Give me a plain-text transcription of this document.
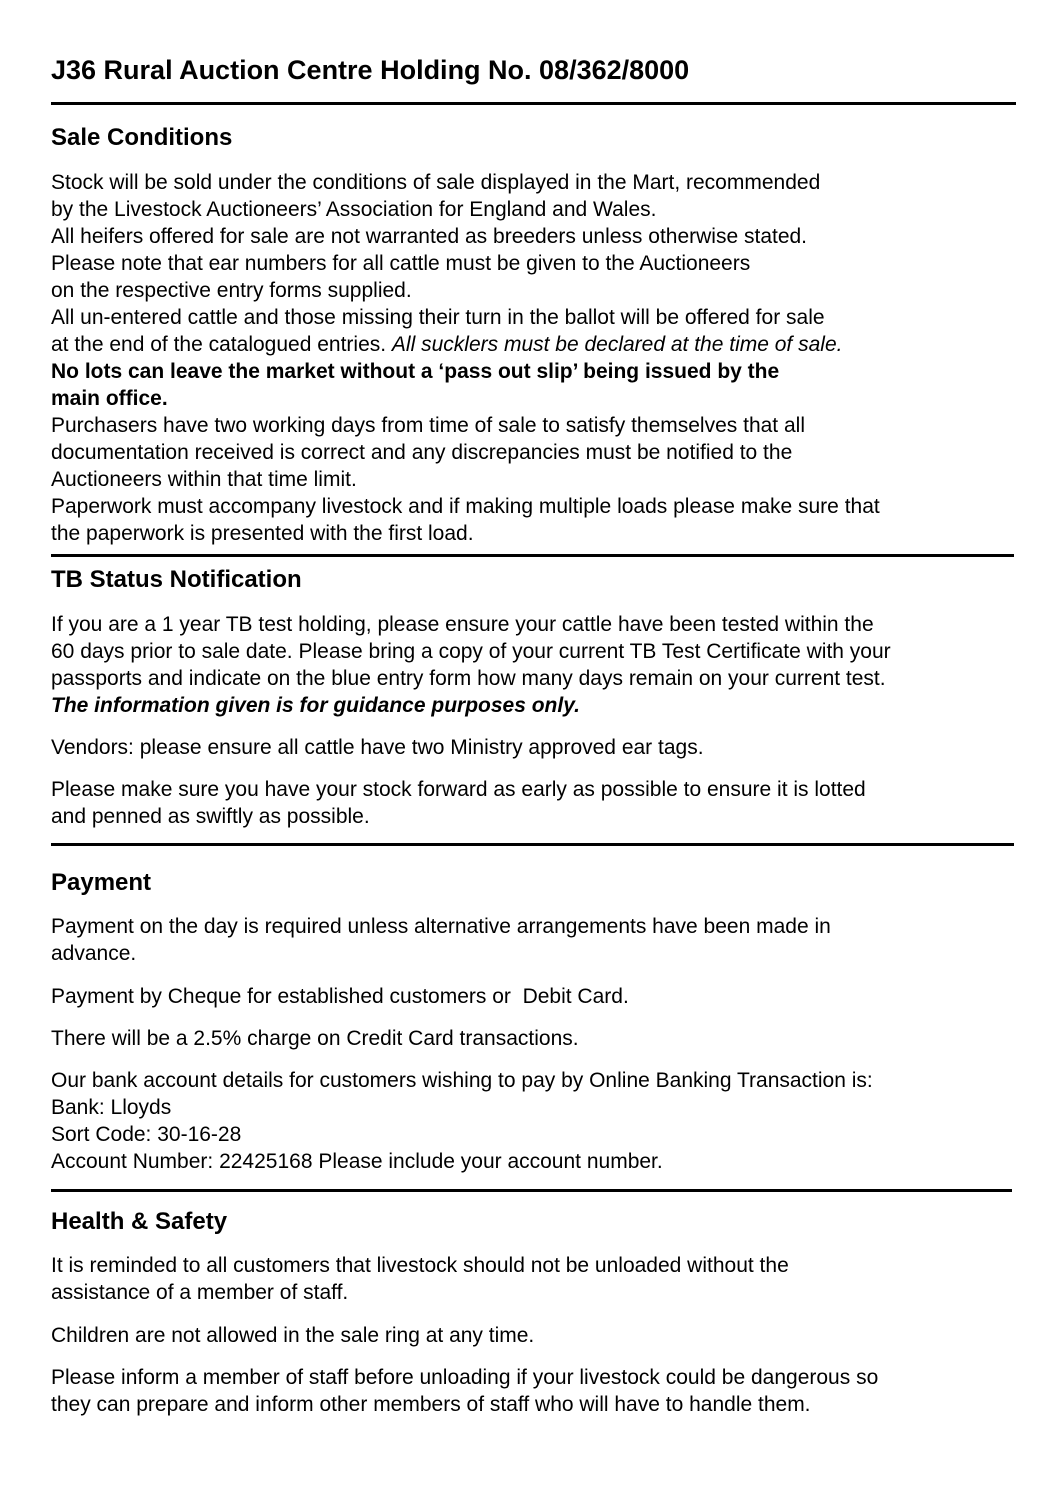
J36 Rural Auction Centre Holding No. 08/362/8000
Sale Conditions
Stock will be sold under the conditions of sale displayed in the Mart, recommended
by the Livestock Auctioneers’ Association for England and Wales.
All heifers offered for sale are not warranted as breeders unless otherwise stated.
Please note that ear numbers for all cattle must be given to the Auctioneers
on the respective entry forms supplied.
All un-entered cattle and those missing their turn in the ballot will be offered for sale
at the end of the catalogued entries. All sucklers must be declared at the time of sale.
No lots can leave the market without a ‘pass out slip’ being issued by the
main office.
Purchasers have two working days from time of sale to satisfy themselves that all
documentation received is correct and any discrepancies must be notified to the
Auctioneers within that time limit.
Paperwork must accompany livestock and if making multiple loads please make sure that
the paperwork is presented with the first load.
TB Status Notification
If you are a 1 year TB test holding, please ensure your cattle have been tested within the
60 days prior to sale date. Please bring a copy of your current TB Test Certificate with your
passports and indicate on the blue entry form how many days remain on your current test.
The information given is for guidance purposes only.
Vendors: please ensure all cattle have two Ministry approved ear tags.
Please make sure you have your stock forward as early as possible to ensure it is lotted
and penned as swiftly as possible.
Payment
Payment on the day is required unless alternative arrangements have been made in
advance.
Payment by Cheque for established customers or  Debit Card.
There will be a 2.5% charge on Credit Card transactions.
Our bank account details for customers wishing to pay by Online Banking Transaction is:
Bank: Lloyds
Sort Code: 30-16-28
Account Number: 22425168 Please include your account number.
Health & Safety
It is reminded to all customers that livestock should not be unloaded without the
assistance of a member of staff.
Children are not allowed in the sale ring at any time.
Please inform a member of staff before unloading if your livestock could be dangerous so
they can prepare and inform other members of staff who will have to handle them.
